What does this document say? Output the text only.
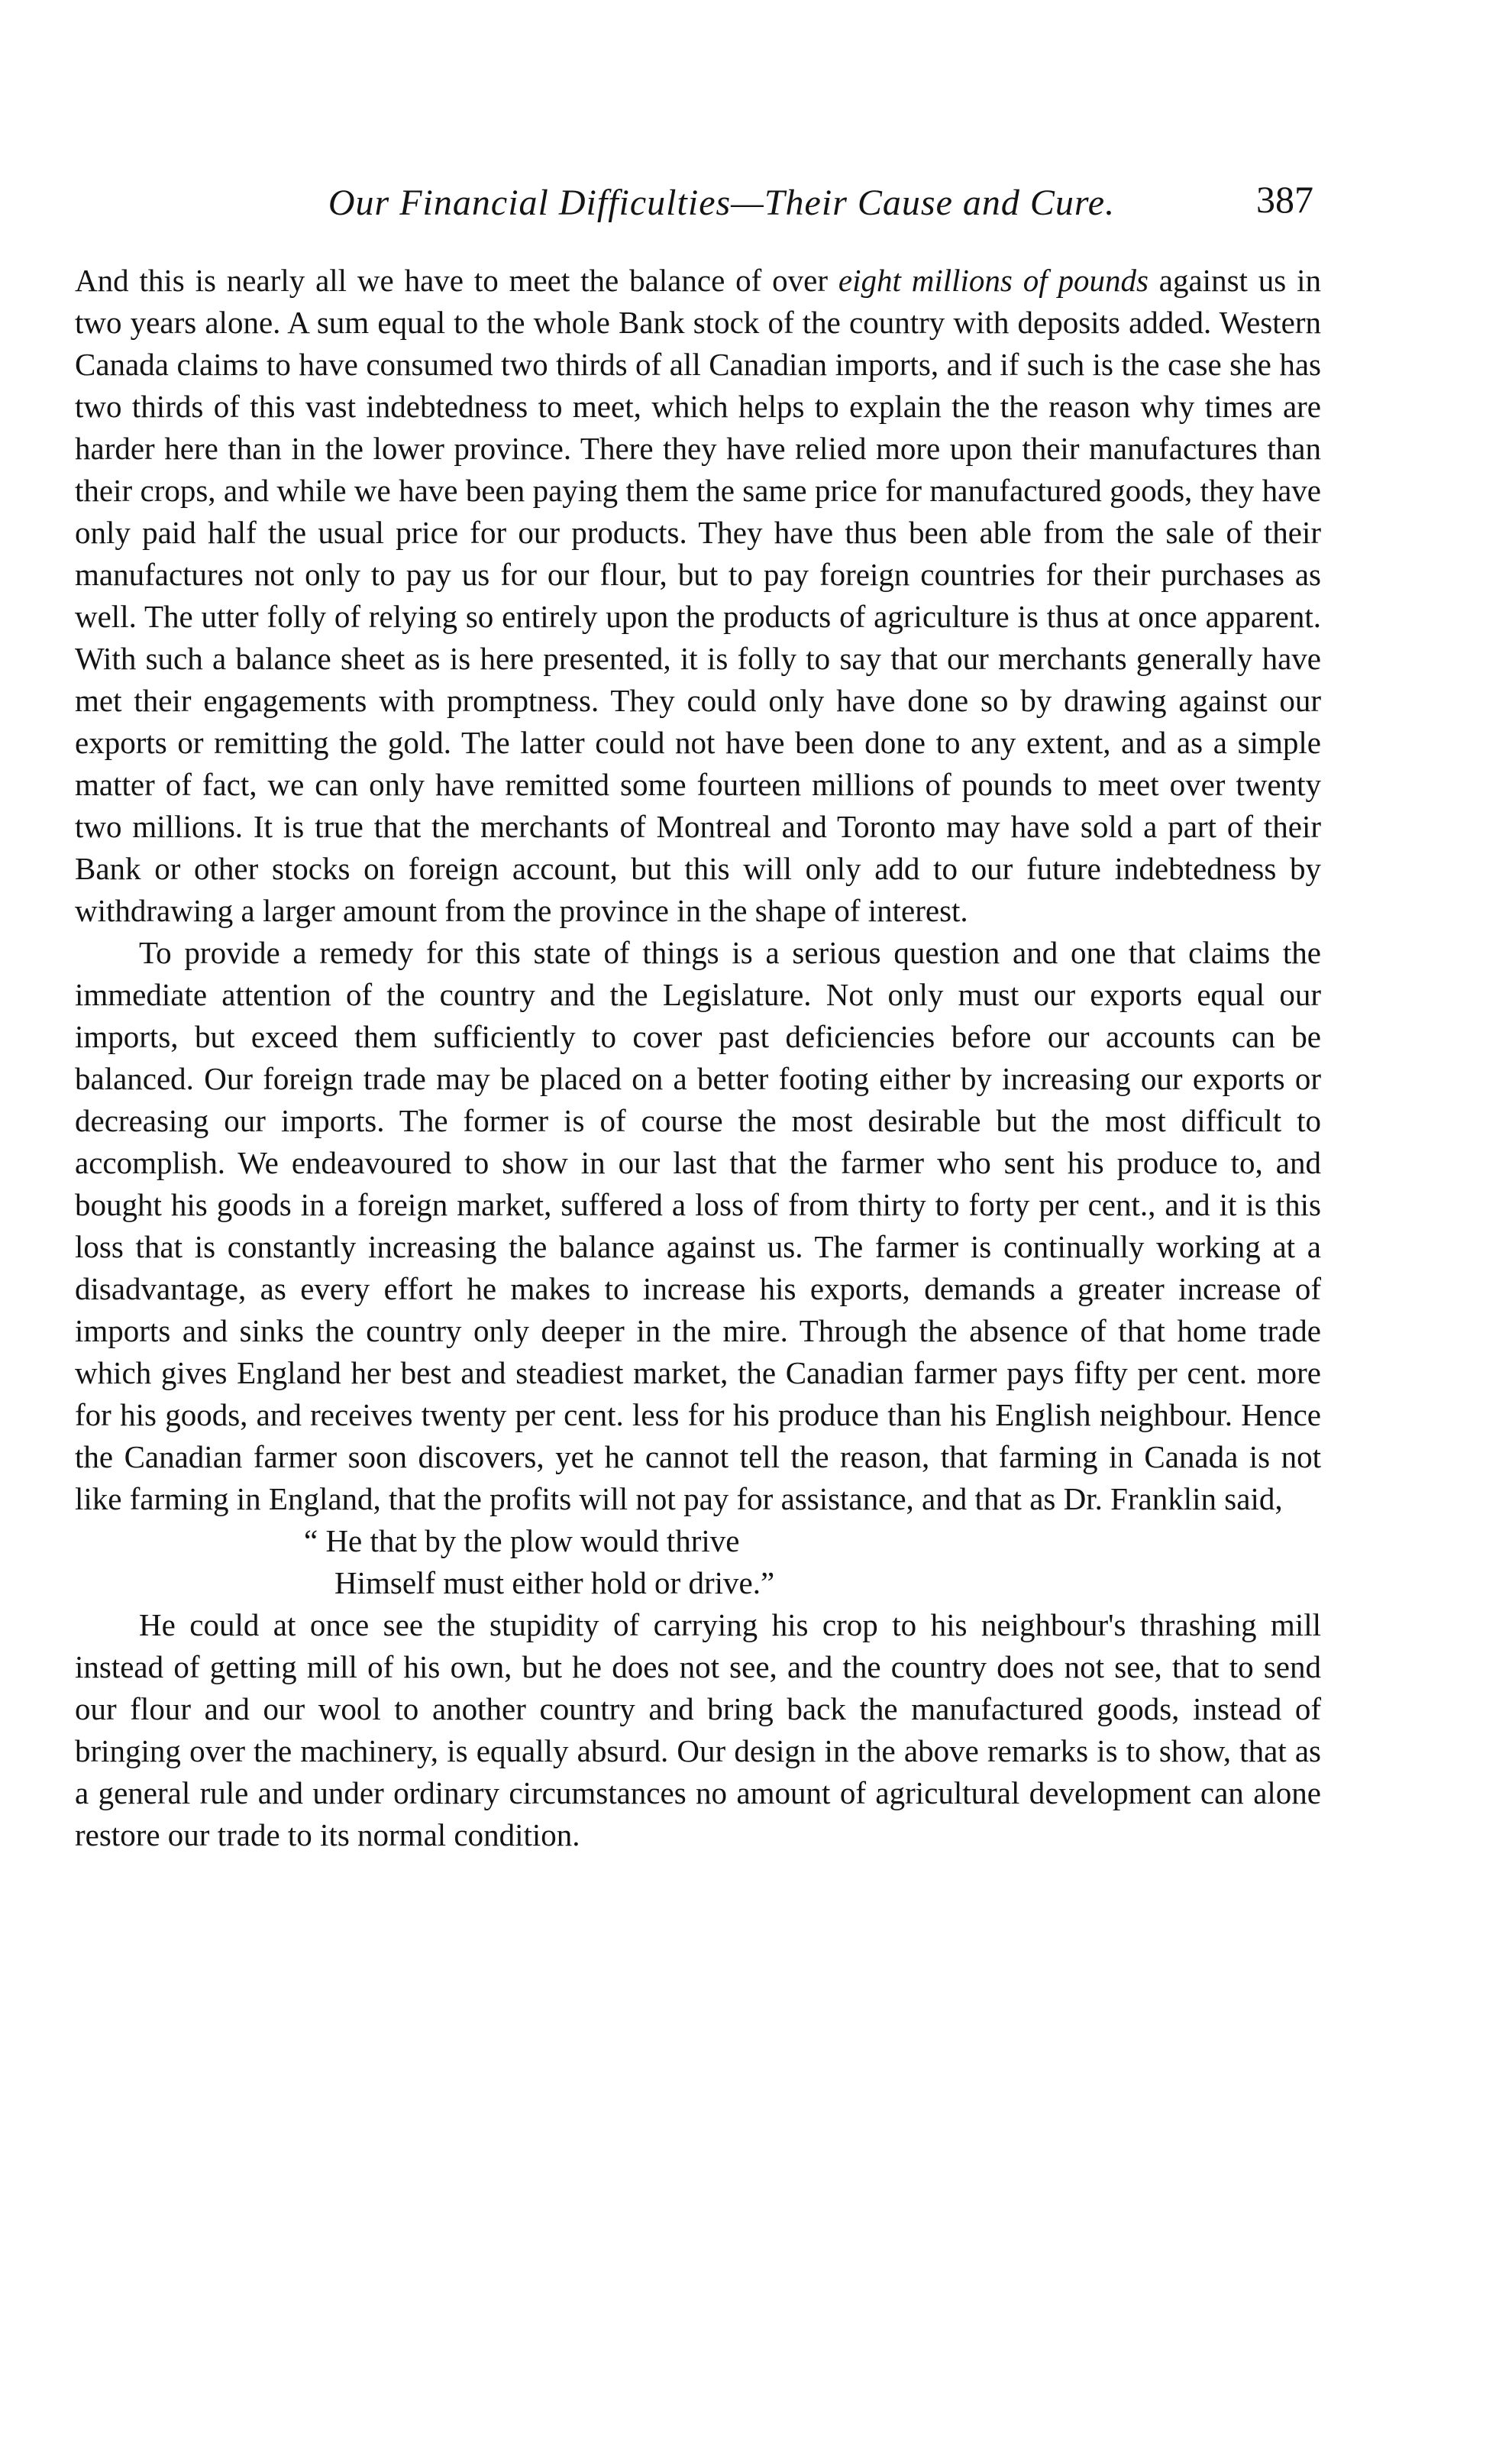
Our Financial Difficulties—Their Cause and Cure.	387

And this is nearly all we have to meet the balance of over eight millions of pounds against us in two years alone. A sum equal to the whole Bank stock of the country with deposits added. Western Canada claims to have consumed two thirds of all Canadian imports, and if such is the case she has two thirds of this vast indebtedness to meet, which helps to explain the the reason why times are harder here than in the lower province. There they have relied more upon their manufactures than their crops, and while we have been paying them the same price for manufactured goods, they have only paid half the usual price for our products. They have thus been able from the sale of their manufactures not only to pay us for our flour, but to pay foreign countries for their purchases as well. The utter folly of relying so entirely upon the products of agriculture is thus at once apparent. With such a balance sheet as is here presented, it is folly to say that our merchants generally have met their engagements with promptness. They could only have done so by drawing against our exports or remitting the gold. The latter could not have been done to any extent, and as a simple matter of fact, we can only have remitted some fourteen millions of pounds to meet over twenty two millions. It is true that the merchants of Montreal and Toronto may have sold a part of their Bank or other stocks on foreign account, but this will only add to our future indebtedness by withdrawing a larger amount from the province in the shape of interest.

To provide a remedy for this state of things is a serious question and one that claims the immediate attention of the country and the Legislature. Not only must our exports equal our imports, but exceed them sufficiently to cover past deficiencies before our accounts can be balanced. Our foreign trade may be placed on a better footing either by increasing our exports or decreasing our imports. The former is of course the most desirable but the most difficult to accomplish. We endeavoured to show in our last that the farmer who sent his produce to, and bought his goods in a foreign market, suffered a loss of from thirty to forty per cent., and it is this loss that is constantly increasing the balance against us. The farmer is continually working at a disadvantage, as every effort he makes to increase his exports, demands a greater increase of imports and sinks the country only deeper in the mire. Through the absence of that home trade which gives England her best and steadiest market, the Canadian farmer pays fifty per cent. more for his goods, and receives twenty per cent. less for his produce than his English neighbour. Hence the Canadian farmer soon discovers, yet he cannot tell the reason, that farming in Canada is not like farming in England, that the profits will not pay for assistance, and that as Dr. Franklin said,

“ He that by the plow would thrive
Himself must either hold or drive.”

He could at once see the stupidity of carrying his crop to his neighbour's thrashing mill instead of getting mill of his own, but he does not see, and the country does not see, that to send our flour and our wool to another country and bring back the manufactured goods, instead of bringing over the machinery, is equally absurd. Our design in the above remarks is to show, that as a general rule and under ordinary circumstances no amount of agricultural development can alone restore our trade to its normal condition.
